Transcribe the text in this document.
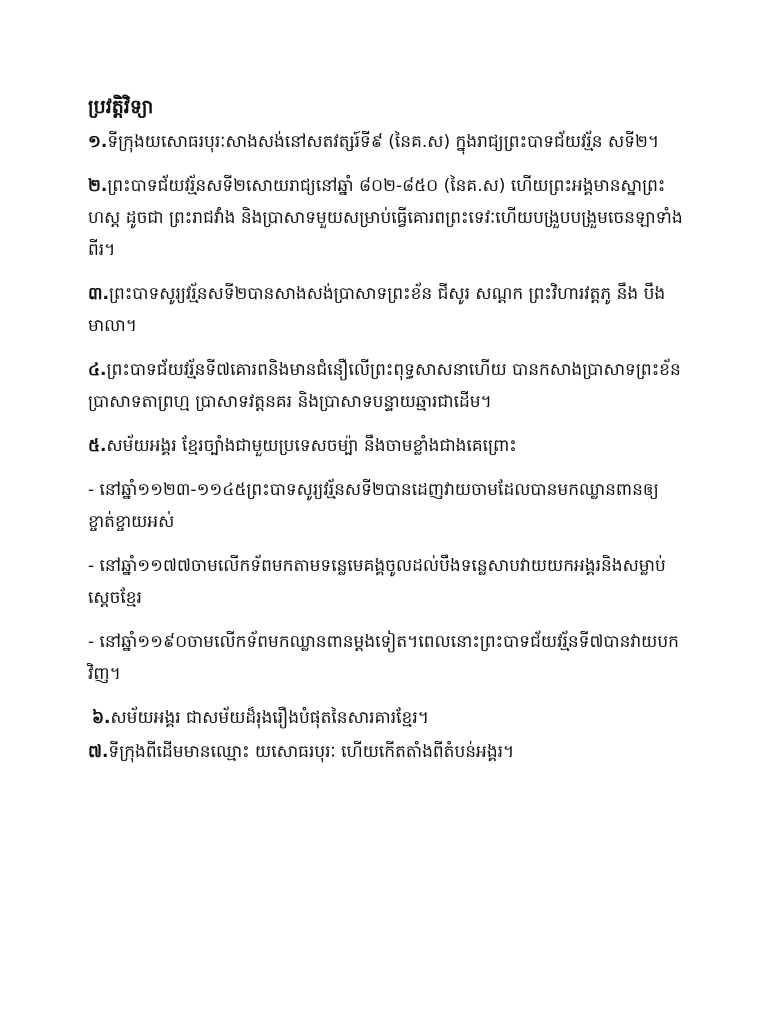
ប្រវត្តិវិទ្យា
១.ទីក្រុងយសោធរបុរៈសាងសង់នៅសតវត្សរ៍ទី៩ (នៃគ.ស) ក្នុងរាជ្យព្រះបាទជ័យវរ្ម័ន សទី២។
២.ព្រះបាទជ័យវរ្ម័នសទី២សោយរាជ្យនៅឆ្នាំ ៨០២-៨៥០ (នៃគ.ស) ហើយព្រះអង្គមានស្នាព្រះហស្ត ដូចជា ព្រះរាជវាំង និងប្រាសាទមួយសម្រាប់ធ្វើគោរពព្រះទេវៈហើយបង្រួបបង្រួមចេនឡាទាំងពីរ។
៣.ព្រះបាទសូរ្យវរ្ម័នសទី២បានសាងសង់ប្រាសាទព្រះខ័ន ជីសូរ សណ្តក ព្រះវិហារវត្តភូ នឹង បឹងមាលា។
៤.ព្រះបាទជ័យវរ្ម័នទី៧គោរពនិងមានជំនឿលើព្រះពុទ្ធសាសនាហើយ បានកសាងប្រាសាទព្រះខ័ន ប្រាសាទតាព្រហ្ម ប្រាសាទវត្តនគរ និងប្រាសាទបន្ទាយឆ្មារជាដើម។
៥.សម័យអង្គរ ខ្មែរច្បាំងជាមួយប្រទេសចម្ប៉ា នឹងចាមខ្លាំងជាងគេព្រោះ
- នៅឆ្នាំ១១២៣-១១៤៥ព្រះបាទសូរ្យវរ្ម័នសទី២បានដេញវាយចាមដែលបានមកឈ្លានពានឲ្យខ្ចាត់ខ្ចាយអស់
- នៅឆ្នាំ១១៧៧ចាមលើកទ័ពមកតាមទន្លេមេគង្គចូលដល់បឹងទន្លេសាបវាយយកអង្គរនិងសម្លាប់ស្តេចខ្មែរ
- នៅឆ្នាំ១១៩០ចាមលើកទ័ពមកឈ្លានពានម្តងទៀត។ពេលនោះព្រះបាទជ័យវរ្ម័នទី៧បានវាយបកវិញ។
៦.សម័យអង្គរ ជាសម័យដ៏រុងរឿងបំផុតនៃសារគារខ្មែរ។
៧.ទីក្រុងពីដើមមានឈ្មោះ យសោធរបុរៈ ហើយកើតតាំងពីតំបន់អង្គរ។
